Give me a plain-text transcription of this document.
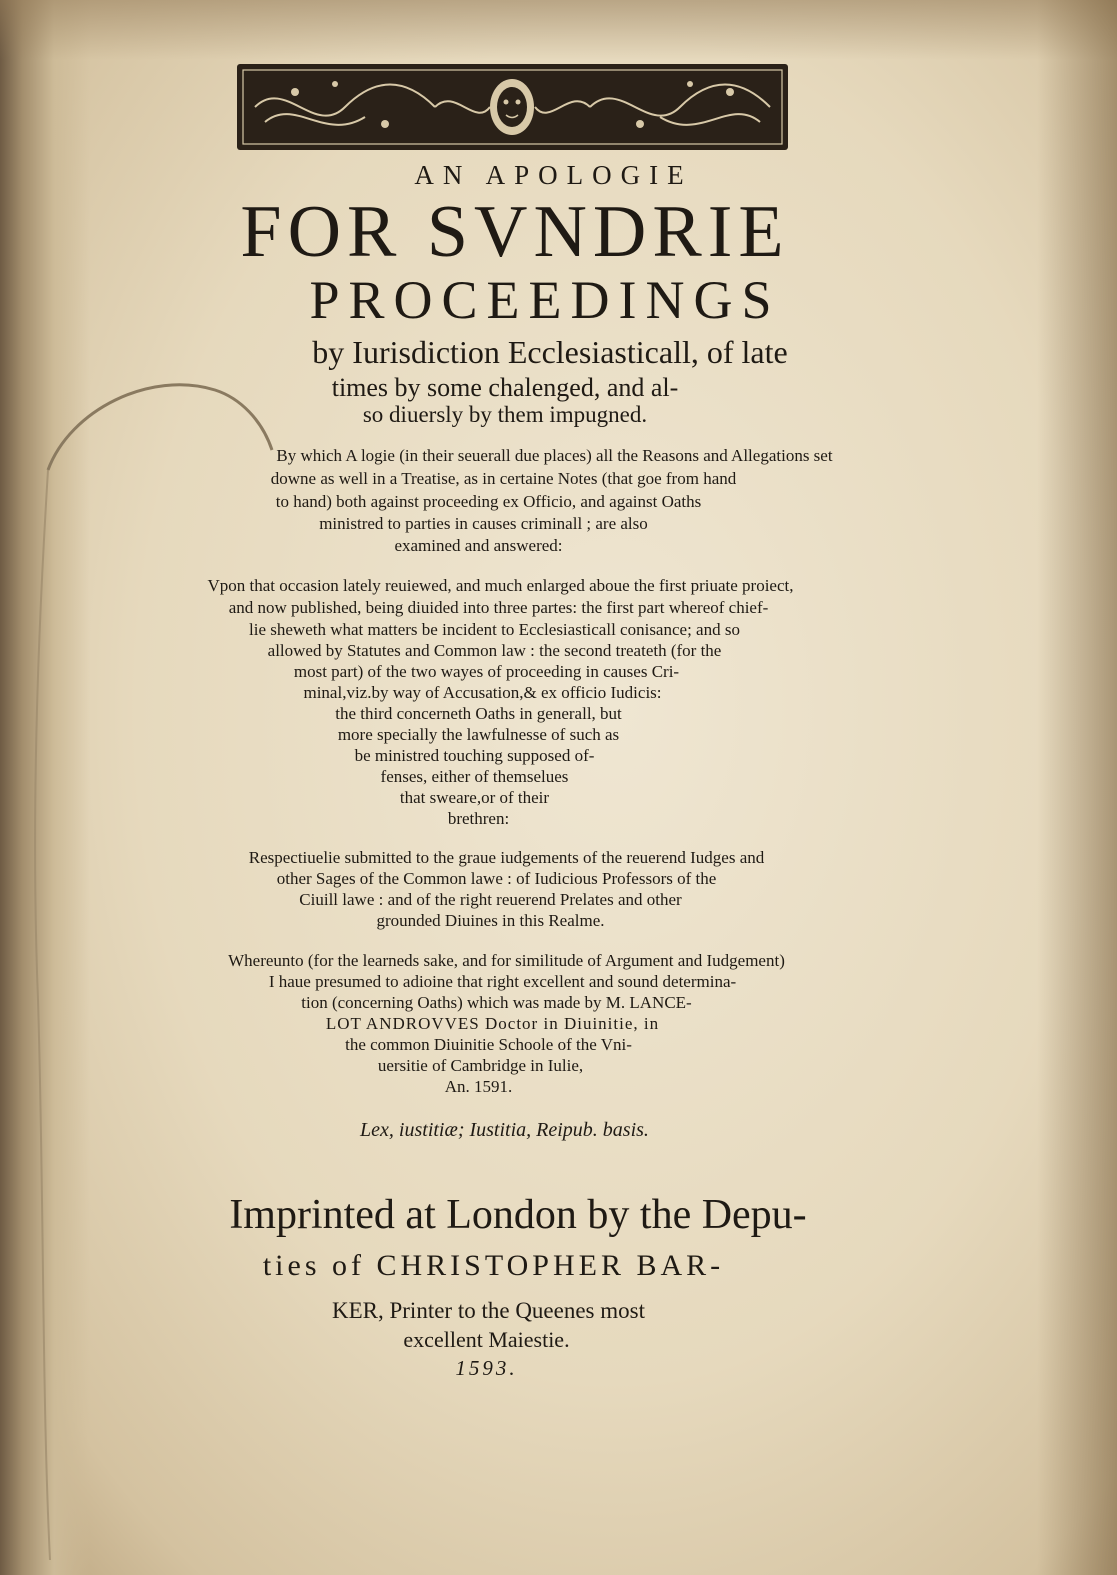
AN APOLOGIE
FOR SVNDRIE
PROCEEDINGS
by Iurisdiction Ecclesiasticall, of late
times by some chalenged, and al-
so diuersly by them impugned.
By which A logie (in their seuerall due places) all the Reasons and Allegations set
downe as well in a Treatise, as in certaine Notes (that goe from hand
to hand) both against proceeding ex Officio, and against Oaths
ministred to parties in causes criminall ; are also
examined and answered:
Vpon that occasion lately reuiewed, and much enlarged aboue the first priuate proiect,
and now published, being diuided into three partes: the first part whereof chief-
lie sheweth what matters be incident to Ecclesiasticall conisance; and so
allowed by Statutes and Common law : the second treateth (for the
most part) of the two wayes of proceeding in causes Cri-
minal,viz.by way of Accusation,& ex officio Iudicis:
the third concerneth Oaths in generall, but
more specially the lawfulnesse of such as
be ministred touching supposed of-
fenses, either of themselues
that sweare,or of their
brethren:
Respectiuelie submitted to the graue iudgements of the reuerend Iudges and
other Sages of the Common lawe : of Iudicious Professors of the
Ciuill lawe : and of the right reuerend Prelates and other
grounded Diuines in this Realme.
Whereunto (for the learneds sake, and for similitude of Argument and Iudgement)
I haue presumed to adioine that right excellent and sound determina-
tion (concerning Oaths) which was made by M. LANCE-
LOT ANDROVVES Doctor in Diuinitie, in
the common Diuinitie Schoole of the Vni-
uersitie of Cambridge in Iulie,
An. 1591.
Lex, iustitiæ; Iustitia, Reipub. basis.
Imprinted at London by the Depu-
ties of CHRISTOPHER BAR-
KER, Printer to the Queenes most
excellent Maiestie.
1593.
